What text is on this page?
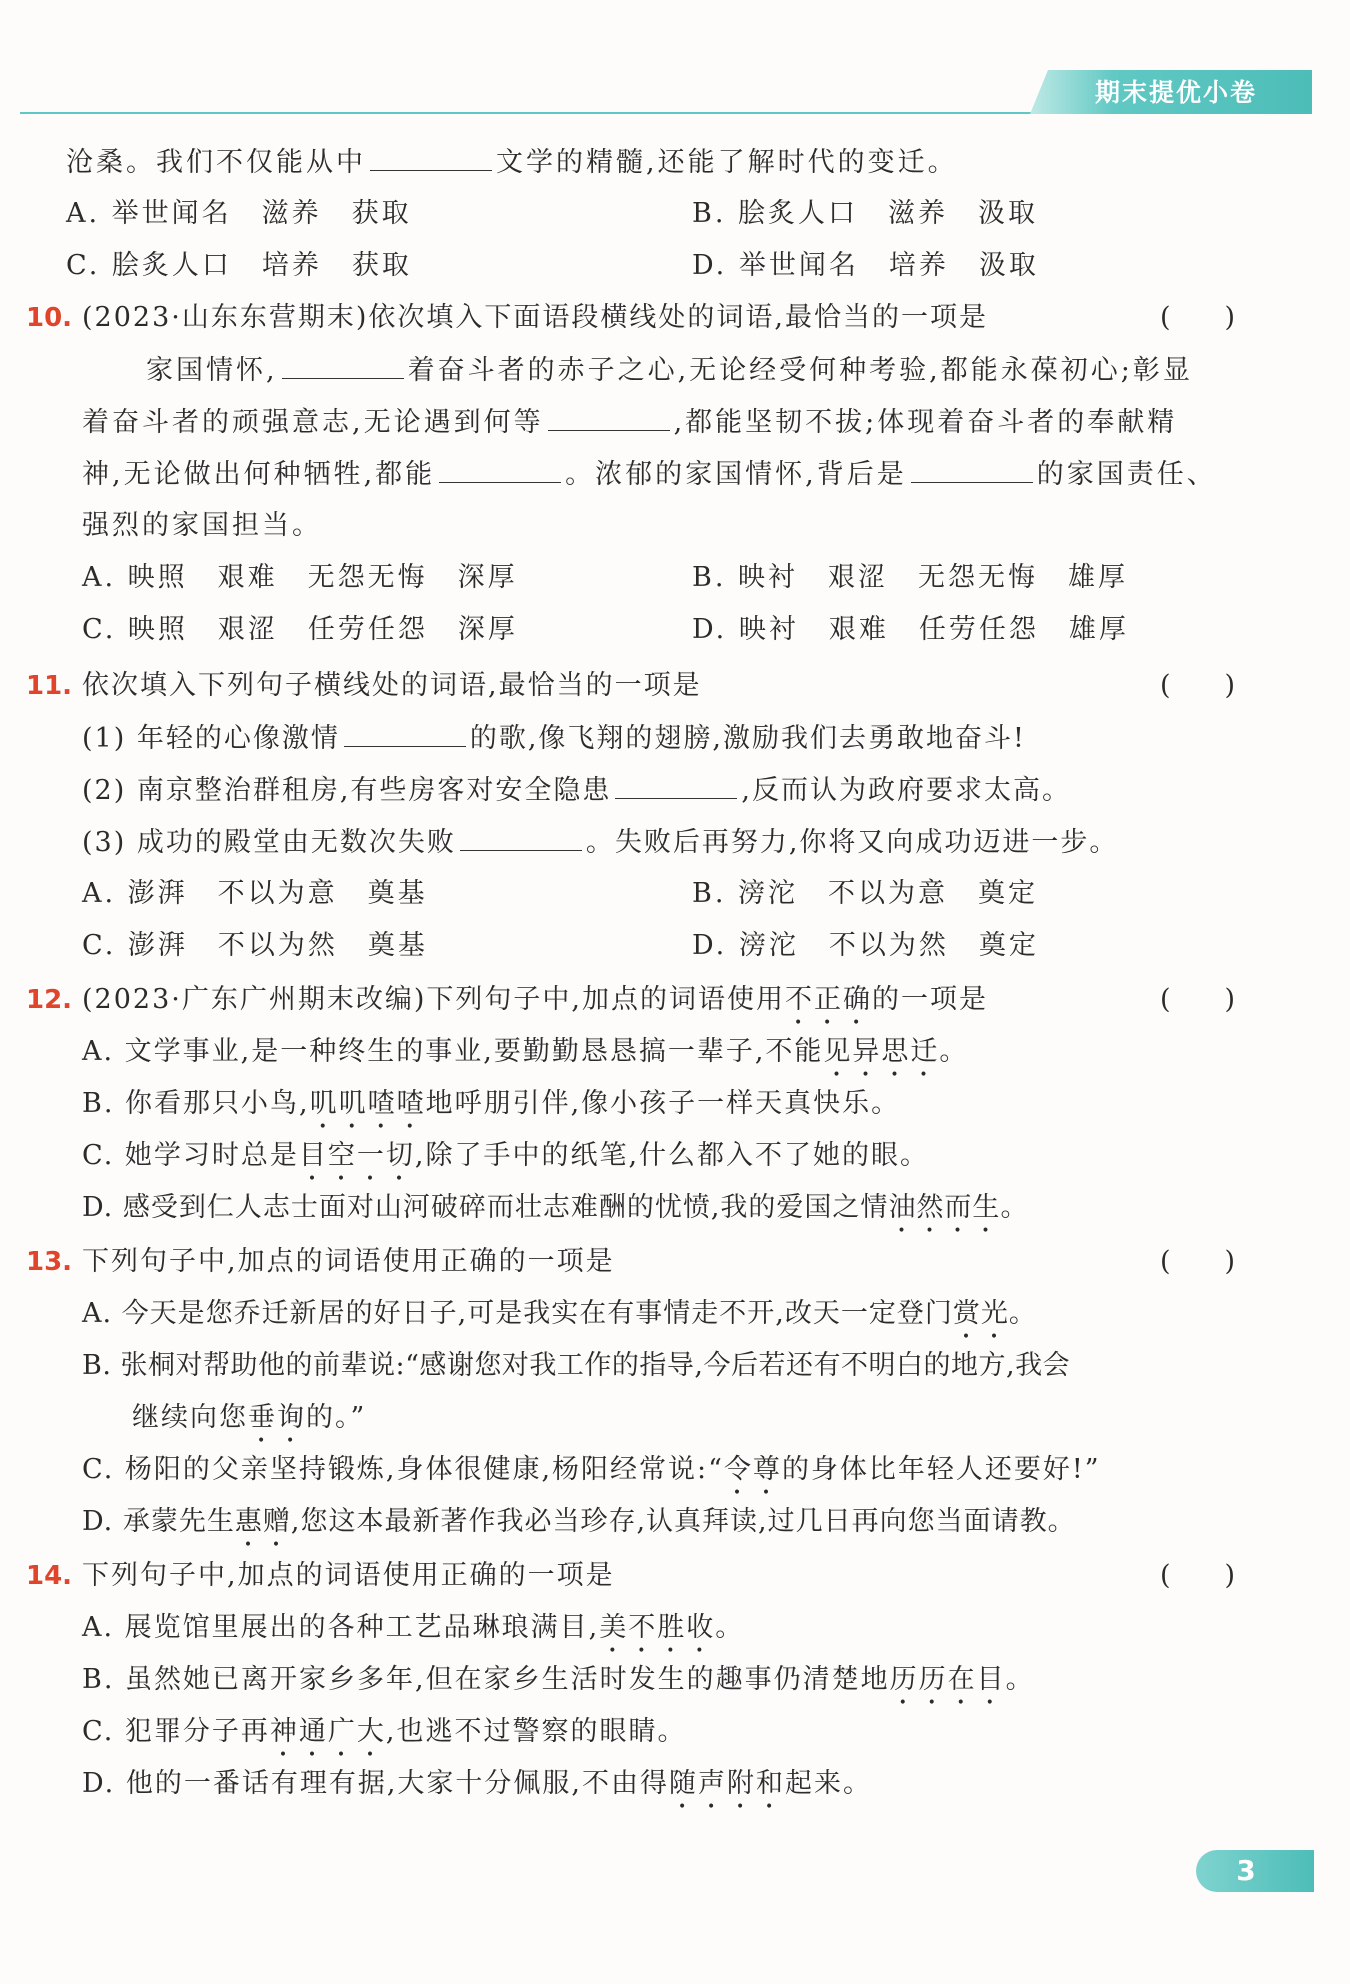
期末提优小卷
沧桑。我们不仅能从中	文学的精髓,还能了解时代的变迁。
A. 举世闻名　滋养　获取	B. 脍炙人口　滋养　汲取
C. 脍炙人口　培养　获取	D. 举世闻名　培养　汲取
10. (2023·山东东营期末)依次填入下面语段横线处的词语,最恰当的一项是	(　　)
家国情怀,	着奋斗者的赤子之心,无论经受何种考验,都能永葆初心;彰显
着奋斗者的顽强意志,无论遇到何等	,都能坚韧不拔;体现着奋斗者的奉献精
神,无论做出何种牺牲,都能	。浓郁的家国情怀,背后是	的家国责任、
强烈的家国担当。
A. 映照　艰难　无怨无悔　深厚	B. 映衬　艰涩　无怨无悔　雄厚
C. 映照　艰涩　任劳任怨　深厚	D. 映衬　艰难　任劳任怨　雄厚
11. 依次填入下列句子横线处的词语,最恰当的一项是	(　　)
(1) 年轻的心像激情	的歌,像飞翔的翅膀,激励我们去勇敢地奋斗!
(2) 南京整治群租房,有些房客对安全隐患	,反而认为政府要求太高。
(3) 成功的殿堂由无数次失败	。失败后再努力,你将又向成功迈进一步。
A. 澎湃　不以为意　奠基	B. 滂沱　不以为意　奠定
C. 澎湃　不以为然　奠基	D. 滂沱　不以为然　奠定
12. (2023·广东广州期末改编)下列句子中,加点的词语使用不正确的一项是	(　　)
A. 文学事业,是一种终生的事业,要勤勤恳恳搞一辈子,不能见异思迁。
B. 你看那只小鸟,叽叽喳喳地呼朋引伴,像小孩子一样天真快乐。
C. 她学习时总是目空一切,除了手中的纸笔,什么都入不了她的眼。
D. 感受到仁人志士面对山河破碎而壮志难酬的忧愤,我的爱国之情油然而生。
13. 下列句子中,加点的词语使用正确的一项是	(　　)
A. 今天是您乔迁新居的好日子,可是我实在有事情走不开,改天一定登门赏光。
B. 张桐对帮助他的前辈说:“感谢您对我工作的指导,今后若还有不明白的地方,我会
继续向您垂询的。”
C. 杨阳的父亲坚持锻炼,身体很健康,杨阳经常说:“令尊的身体比年轻人还要好!”
D. 承蒙先生惠赠,您这本最新著作我必当珍存,认真拜读,过几日再向您当面请教。
14. 下列句子中,加点的词语使用正确的一项是	(　　)
A. 展览馆里展出的各种工艺品琳琅满目,美不胜收。
B. 虽然她已离开家乡多年,但在家乡生活时发生的趣事仍清楚地历历在目。
C. 犯罪分子再神通广大,也逃不过警察的眼睛。
D. 他的一番话有理有据,大家十分佩服,不由得随声附和起来。
3
